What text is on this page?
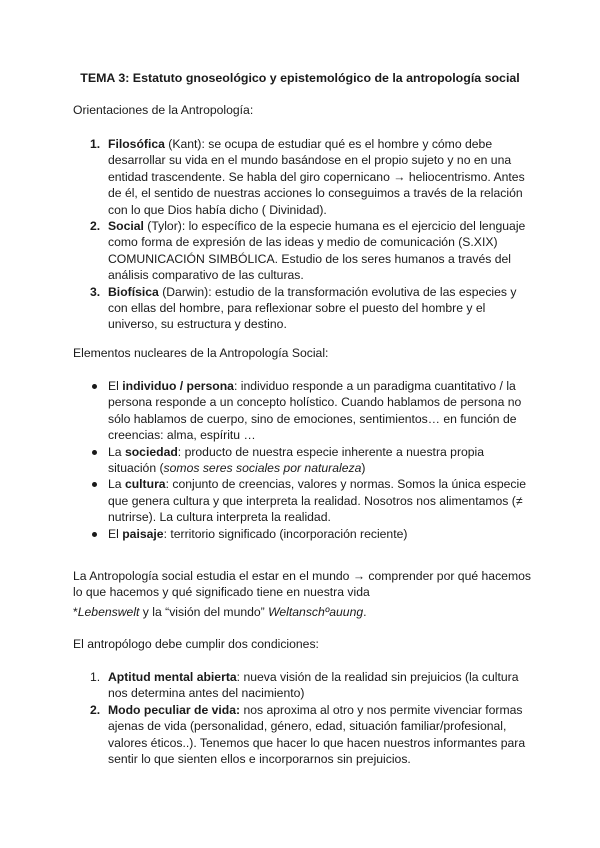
TEMA 3: Estatuto gnoseológico y epistemológico de la antropología social
Orientaciones de la Antropología:
1. Filosófica (Kant): se ocupa de estudiar qué es el hombre y cómo debe desarrollar su vida en el mundo basándose en el propio sujeto y no en una entidad trascendente. Se habla del giro copernicano → heliocentrismo. Antes de él, el sentido de nuestras acciones lo conseguimos a través de la relación con lo que Dios había dicho ( Divinidad).
2. Social (Tylor): lo específico de la especie humana es el ejercicio del lenguaje como forma de expresión de las ideas y medio de comunicación (S.XIX) COMUNICACIÓN SIMBÓLICA. Estudio de los seres humanos a través del análisis comparativo de las culturas.
3. Biofísica (Darwin): estudio de la transformación evolutiva de las especies y con ellas del hombre, para reflexionar sobre el puesto del hombre y el universo, su estructura y destino.
Elementos nucleares de la Antropología Social:
El individuo / persona: individuo responde a un paradigma cuantitativo / la persona responde a un concepto holístico. Cuando hablamos de persona no sólo hablamos de cuerpo, sino de emociones, sentimientos… en función de creencias: alma, espíritu …
La sociedad: producto de nuestra especie inherente a nuestra propia situación (somos seres sociales por naturaleza)
La cultura: conjunto de creencias, valores y normas. Somos la única especie que genera cultura y que interpreta la realidad. Nosotros nos alimentamos (≠ nutrirse). La cultura interpreta la realidad.
El paisaje: territorio significado (incorporación reciente)
La Antropología social estudia el estar en el mundo → comprender por qué hacemos lo que hacemos y qué significado tiene en nuestra vida
*Lebenswelt y la “visión del mundo” Weltanschºauung.
El antropólogo debe cumplir dos condiciones:
1. Aptitud mental abierta: nueva visión de la realidad sin prejuicios (la cultura nos determina antes del nacimiento)
2. Modo peculiar de vida: nos aproxima al otro y nos permite vivenciar formas ajenas de vida (personalidad, género, edad, situación familiar/profesional, valores éticos..). Tenemos que hacer lo que hacen nuestros informantes para sentir lo que sienten ellos e incorporarnos sin prejuicios.
